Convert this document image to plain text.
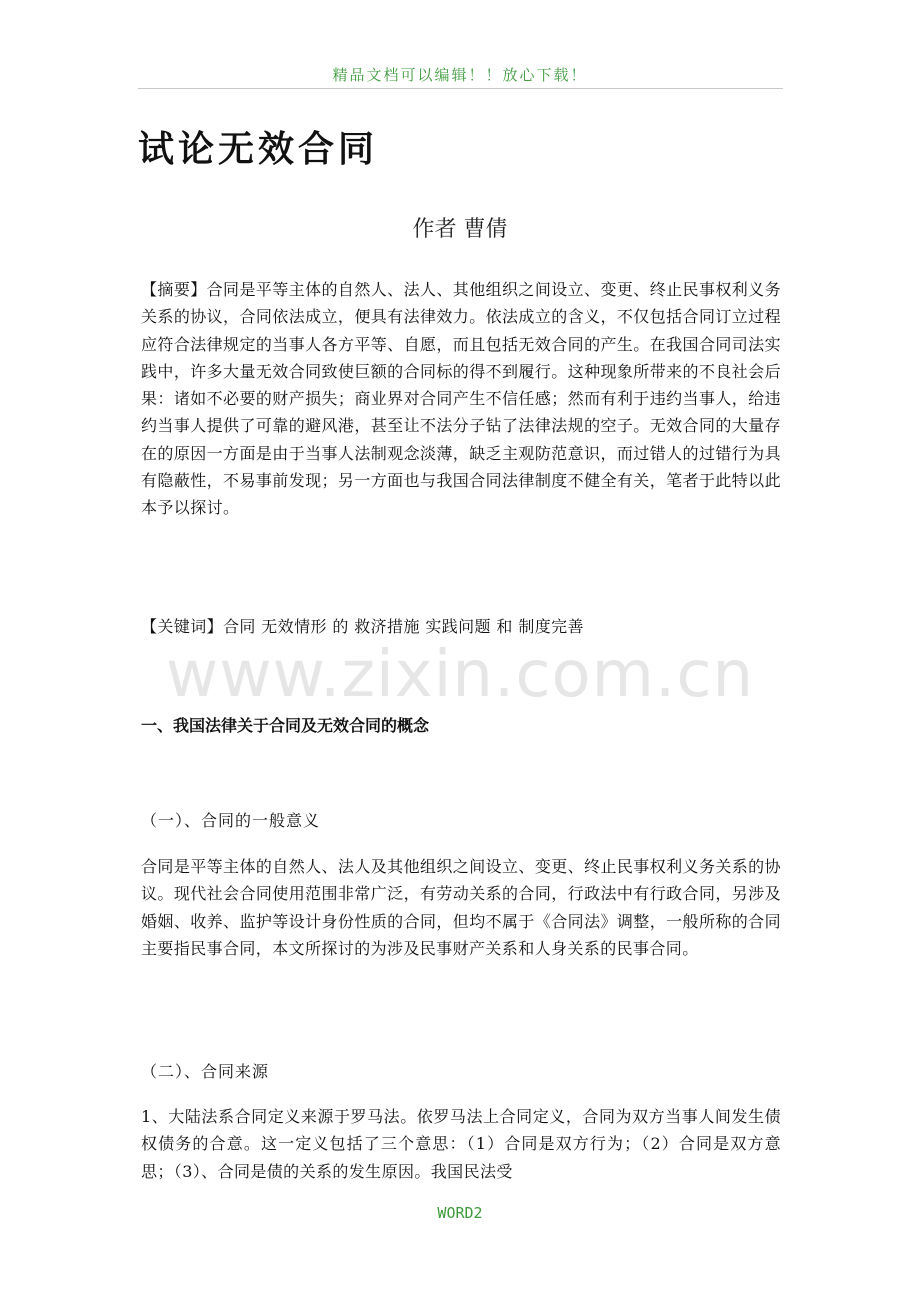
精品文档可以编辑！！放心下载！
试论无效合同
作者 曹倩

【摘要】合同是平等主体的自然人、法人、其他组织之间设立、变更、终止民事权利义务关系的协议，合同依法成立，便具有法律效力。依法成立的含义，不仅包括合同订立过程应符合法律规定的当事人各方平等、自愿，而且包括无效合同的产生。在我国合同司法实践中，许多大量无效合同致使巨额的合同标的得不到履行。这种现象所带来的不良社会后果：诸如不必要的财产损失；商业界对合同产生不信任感；然而有利于违约当事人，给违约当事人提供了可靠的避风港，甚至让不法分子钻了法律法规的空子。无效合同的大量存在的原因一方面是由于当事人法制观念淡薄，缺乏主观防范意识，而过错人的过错行为具有隐蔽性，不易事前发现；另一方面也与我国合同法律制度不健全有关，笔者于此特以此本予以探讨。

【关键词】合同 无效情形 的 救济措施 实践问题 和 制度完善

www.zixin.com.cn
一、我国法律关于合同及无效合同的概念
（一）、合同的一般意义

合同是平等主体的自然人、法人及其他组织之间设立、变更、终止民事权利义务关系的协议。现代社会合同使用范围非常广泛，有劳动关系的合同，行政法中有行政合同，另涉及婚姻、收养、监护等设计身份性质的合同，但均不属于《合同法》调整，一般所称的合同主要指民事合同，本文所探讨的为涉及民事财产关系和人身关系的民事合同。

（二）、合同来源

1、大陆法系合同定义来源于罗马法。依罗马法上合同定义，合同为双方当事人间发生债权债务的合意。这一定义包括了三个意思：（1）合同是双方行为；（2）合同是双方意思；（3）、合同是债的关系的发生原因。我国民法受

WORD2
